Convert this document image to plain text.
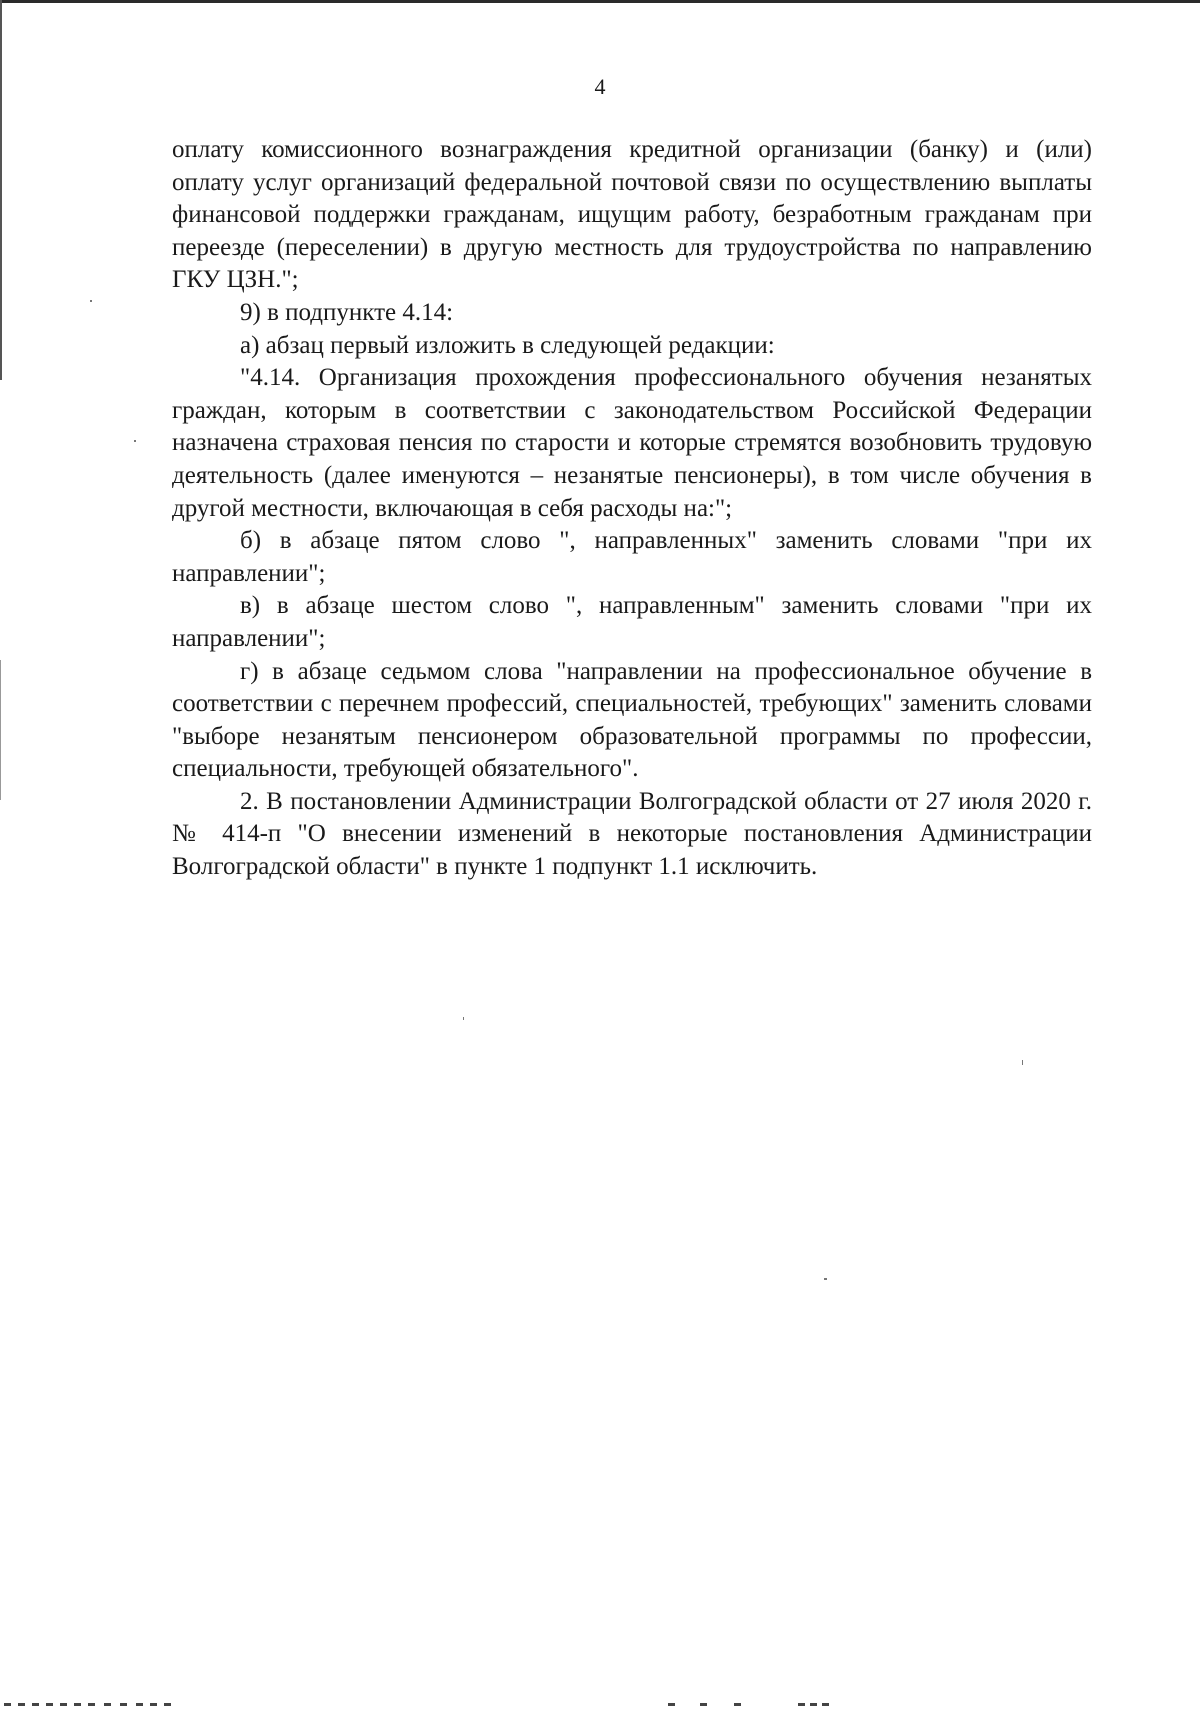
4

оплату комиссионного вознаграждения кредитной организации (банку) и (или) оплату услуг организаций федеральной почтовой связи по осуществлению выплаты финансовой поддержки гражданам, ищущим работу, безработным гражданам при переезде (переселении) в другую местность для трудоустройства по направлению ГКУ ЦЗН.";

9) в подпункте 4.14:

а) абзац первый изложить в следующей редакции:

"4.14. Организация прохождения профессионального обучения незанятых граждан, которым в соответствии с законодательством Российской Федерации назначена страховая пенсия по старости и которые стремятся возобновить трудовую деятельность (далее именуются – незанятые пенсионеры), в том числе обучения в другой местности, включающая в себя расходы на:";

б) в абзаце пятом слово ", направленных" заменить словами "при их направлении";

в) в абзаце шестом слово ", направленным" заменить словами "при их направлении";

г) в абзаце седьмом слова "направлении на профессиональное обучение в соответствии с перечнем профессий, специальностей, требующих" заменить словами "выборе незанятым пенсионером образовательной программы по профессии, специальности, требующей обязательного".

2. В постановлении Администрации Волгоградской области от 27 июля 2020 г. № 414-п "О внесении изменений в некоторые постановления Администрации Волгоградской области" в пункте 1 подпункт 1.1 исключить.
